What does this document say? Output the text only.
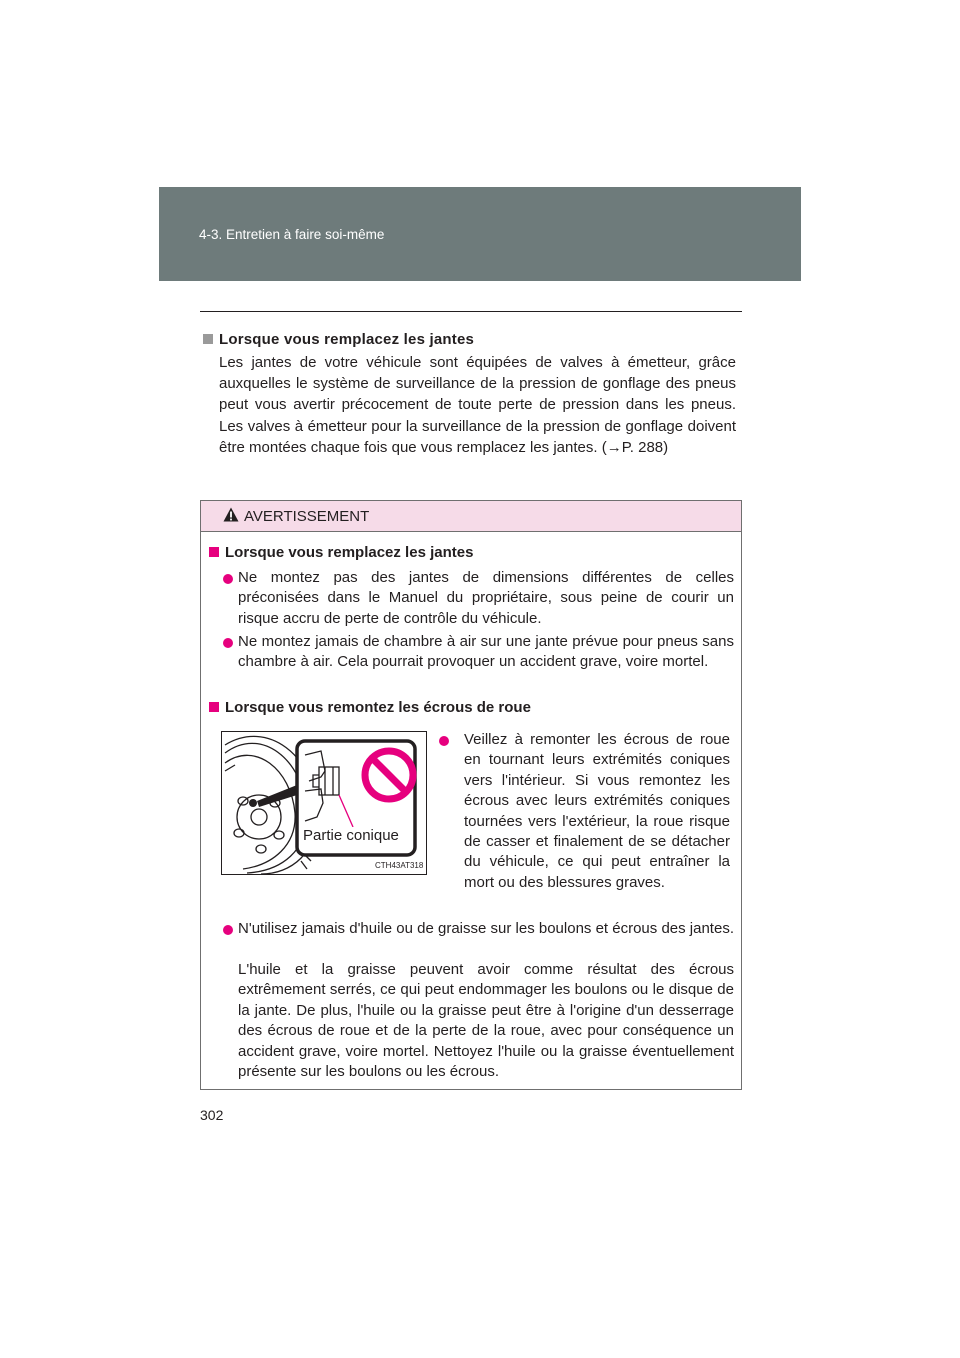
4-3. Entretien à faire soi-même
Lorsque vous remplacez les jantes
Les jantes de votre véhicule sont équipées de valves à émetteur, grâce auxquelles le système de surveillance de la pression de gonflage des pneus peut vous avertir précocement de toute perte de pression dans les pneus. Les valves à émetteur pour la surveillance de la pression de gonflage doivent être montées chaque fois que vous remplacez les jantes. (→P. 288)
AVERTISSEMENT
Lorsque vous remplacez les jantes
Ne montez pas des jantes de dimensions différentes de celles préconisées dans le Manuel du propriétaire, sous peine de courir un risque accru de perte de contrôle du véhicule.
Ne montez jamais de chambre à air sur une jante prévue pour pneus sans chambre à air. Cela pourrait provoquer un accident grave, voire mortel.
Lorsque vous remontez les écrous de roue
Partie conique
CTH43AT318
Veillez à remonter les écrous de roue en tournant leurs extrémités coniques vers l'intérieur. Si vous remontez les écrous avec leurs extrémités coniques tournées vers l'extérieur, la roue risque de casser et finalement de se détacher du véhicule, ce qui peut entraîner la mort ou des blessures graves.
N'utilisez jamais d'huile ou de graisse sur les boulons et écrous des jantes.
L'huile et la graisse peuvent avoir comme résultat des écrous extrêmement serrés, ce qui peut endommager les boulons ou le disque de la jante. De plus, l'huile ou la graisse peut être à l'origine d'un desserrage des écrous de roue et de la perte de la roue, avec pour conséquence un accident grave, voire mortel. Nettoyez l'huile ou la graisse éventuellement présente sur les boulons ou les écrous.
302
